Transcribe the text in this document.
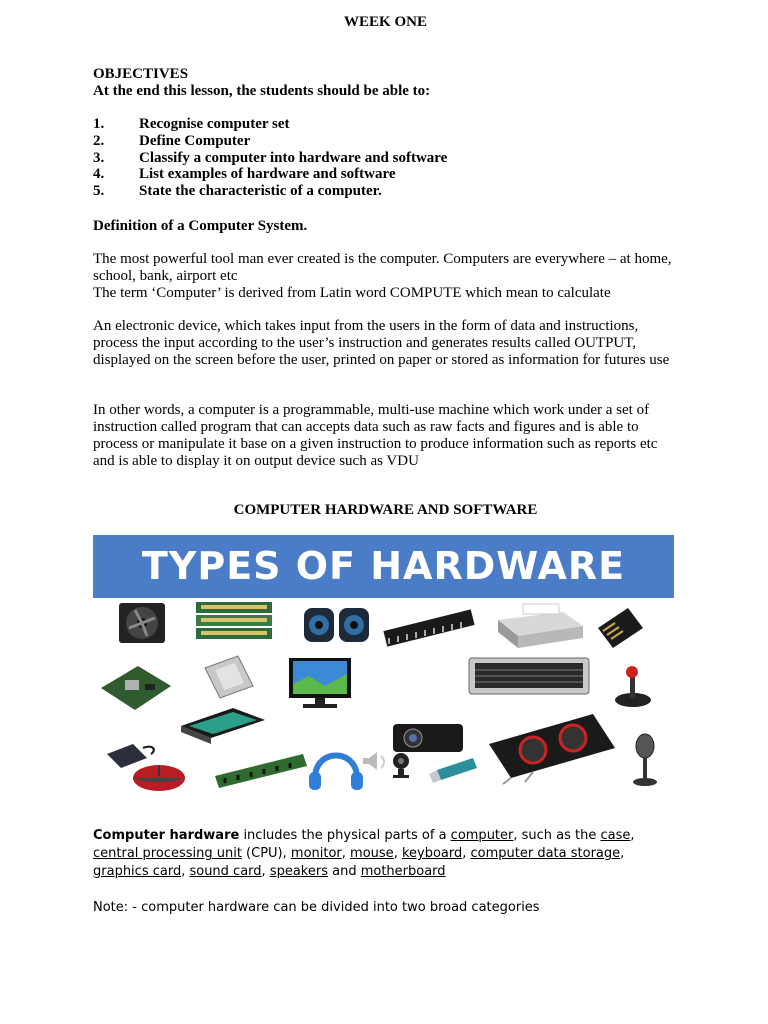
WEEK ONE
OBJECTIVES
At the end this lesson, the students should be able to:
1.	Recognise computer set
2.	Define Computer
3.	Classify a computer into hardware and software
4.	List examples of hardware and software
5.	State the characteristic of a computer.
Definition of a Computer System.
The most powerful tool man ever created is the computer. Computers are everywhere – at home, school, bank, airport etc
The term ‘Computer’ is derived from Latin word COMPUTE which mean to calculate
An electronic device, which takes input from the users in the form of data and instructions, process the input according to the user’s instruction and generates results called OUTPUT, displayed on the screen before the user, printed on paper or stored as information for futures use
In other words, a computer is a programmable, multi-use machine which work under a set of instruction called program that can accepts data such as raw facts and figures and is able to process or manipulate it base on a given instruction to produce information such as reports etc and is able to display it on output device such as VDU
COMPUTER HARDWARE AND SOFTWARE
TYPES OF HARDWARE
Computer hardware includes the physical parts of a computer, such as the case, central processing unit (CPU), monitor, mouse, keyboard, computer data storage, graphics card, sound card, speakers and motherboard
Note: - computer hardware can be divided into two broad categories
